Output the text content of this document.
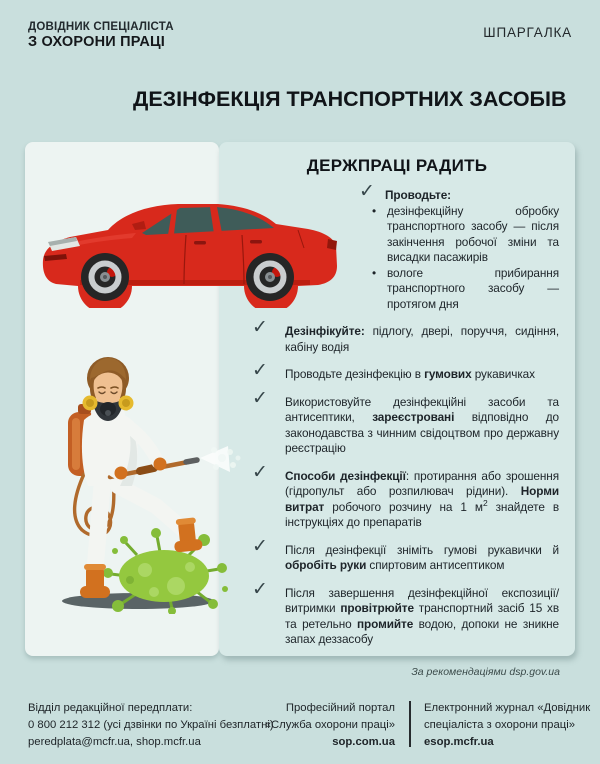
ДОВІДНИК СПЕЦІАЛІСТА
З ОХОРОНИ ПРАЦІ
ШПАРГАЛКА
ДЕЗІНФЕКЦІЯ ТРАНСПОРТНИХ ЗАСОБІВ
ДЕРЖПРАЦІ РАДИТЬ
✓ Проводьте:
• дезінфекційну обробку транспортного засобу — після закінчення робочої зміни та висадки пасажирів
• вологе прибирання транспортного засобу — протягом дня
✓ Дезінфікуйте: підлогу, двері, поруччя, сидіння, кабіну водія
✓ Проводьте дезінфекцію в гумових рукавичках
✓ Використовуйте дезінфекційні засоби та антисептики, зареєстровані відповідно до законодавства з чинним свідоцтвом про державну реєстрацію
✓ Способи дезінфекції: протирання або зрошення (гідропульт або розпилювач рідини). Норми витрат робочого розчину на 1 $м^2$ знайдете в інструкціях до препаратів
✓ Після дезінфекції зніміть гумові рукавички й обробіть руки спиртовим антисептиком
✓ Після завершення дезінфекційної експозиції/витримки провітрюйте транспортний засіб 15 хв та ретельно промийте водою, допоки не зникне запах деззасобу
За рекомендаціями dsp.gov.ua
Відділ редакційної передплати:
0 800 212 312 (усі дзвінки по Україні безплатні)
peredplata@mcfr.ua, shop.mcfr.ua
Професійний портал
«Служба охорони праці»
sop.com.ua
Електронний журнал «Довідник
спеціаліста з охорони праці»
esop.mcfr.ua
